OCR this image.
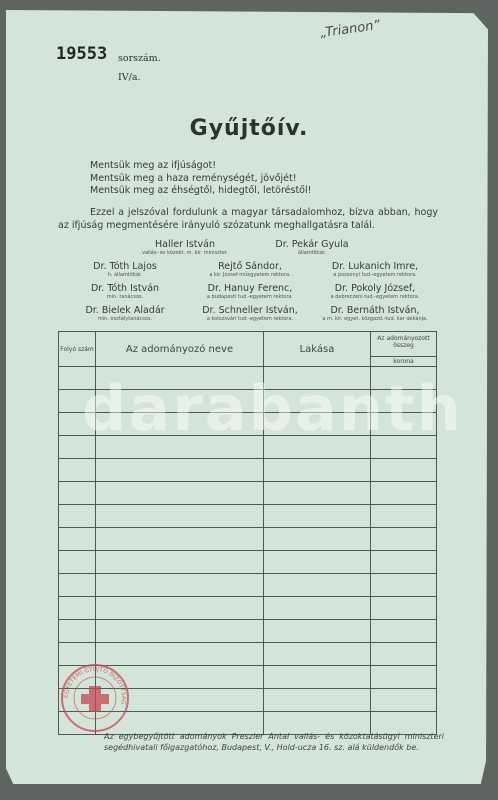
„Trianon”
19553 sorszám.
IV/a.
Gyűjtőív.
Mentsük meg az ifjúságot!
Mentsük meg a haza reménységét, jövőjét!
Mentsük meg az éhségtől, hidegtől, letöréstől!
Ezzel a jelszóval fordulunk a magyar társadalomhoz, bízva abban, hogy az ifjúság megmentésére irányuló szózatunk meghallgatásra talál.
Haller István
vallás- és közokt. m. kir. miniszter.
Dr. Pekár Gyula
államtitkár.
Dr. Tóth Lajos
h. államtitkár.
Rejtő Sándor,
a kir. József-műegyetem rektora.
Dr. Lukanich Imre,
a pozsonyi tud.-egyetem rektora.
Dr. Tóth István
min. tanácsos.
Dr. Hanuy Ferenc,
a budapesti tud.-egyetem rektora.
Dr. Pokoly József,
a debreczeni tud.-egyetem rektora.
Dr. Bielek Aladár
min. osztálytanácsos.
Dr. Schneller István,
a kolozsvári tud.-egyetem rektora.
Dr. Bernáth István,
a m. kir. egyet. közgazd.-tud. kar dékánja.
Folyó szám	Az adományozó neve	Lakása	Az adományozott összeg
			korona

darabanth
EGYETEMI GYŰJTŐ BIZOTTSÁG
Az egybegyűjtött adományok Preszler Antal vallás- és közoktatásügyi miniszteri segédhivatali főigazgatóhoz, Budapest, V., Hold-ucza 16. sz. alá küldendők be.
